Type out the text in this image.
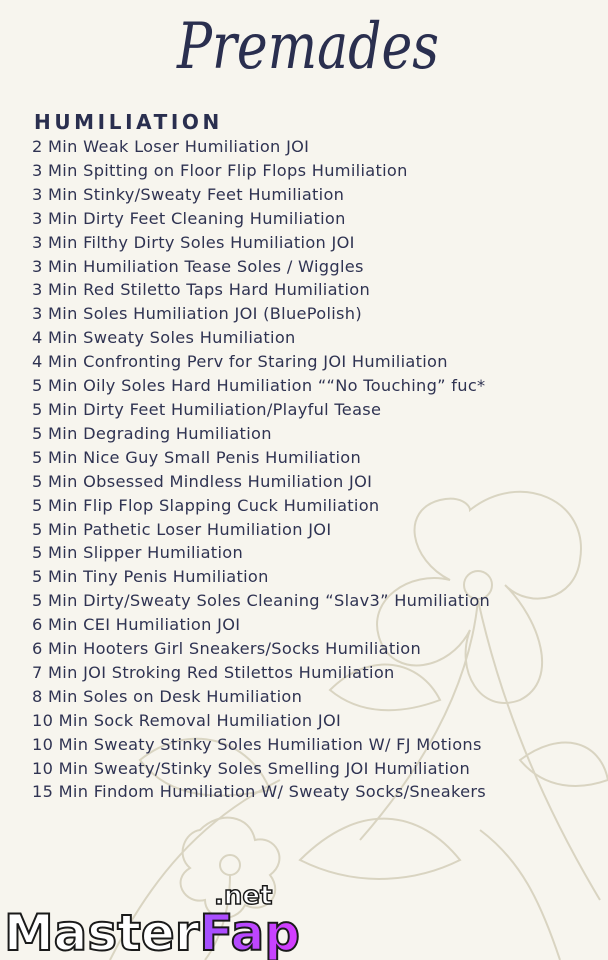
Premades
HUMILIATION
2 Min Weak Loser Humiliation JOI
3 Min Spitting on Floor Flip Flops Humiliation
3 Min Stinky/Sweaty Feet Humiliation
3 Min Dirty Feet Cleaning Humiliation
3 Min Filthy Dirty Soles Humiliation JOI
3 Min Humiliation Tease Soles / Wiggles
3 Min Red Stiletto Taps Hard Humiliation
3 Min Soles Humiliation JOI (BluePolish)
4 Min Sweaty Soles Humiliation
4 Min Confronting Perv for Staring JOI Humiliation
5 Min Oily Soles Hard Humiliation ““No Touching” fuc*
5 Min Dirty Feet Humiliation/Playful Tease
5 Min Degrading Humiliation
5 Min Nice Guy Small Penis Humiliation
5 Min Obsessed Mindless Humiliation JOI
5 Min Flip Flop Slapping Cuck Humiliation
5 Min Pathetic Loser Humiliation JOI
5 Min Slipper Humiliation
5 Min Tiny Penis Humiliation
5 Min Dirty/Sweaty Soles Cleaning “Slav3” Humiliation
6 Min CEI Humiliation JOI
6 Min Hooters Girl Sneakers/Socks Humiliation
7 Min JOI Stroking Red Stilettos Humiliation
8 Min Soles on Desk Humiliation
10 Min Sock Removal Humiliation JOI
10 Min Sweaty Stinky Soles Humiliation W/ FJ Motions
10 Min Sweaty/Stinky Soles Smelling JOI Humiliation
15 Min Findom Humiliation W/ Sweaty Socks/Sneakers
.net
MasterFap
